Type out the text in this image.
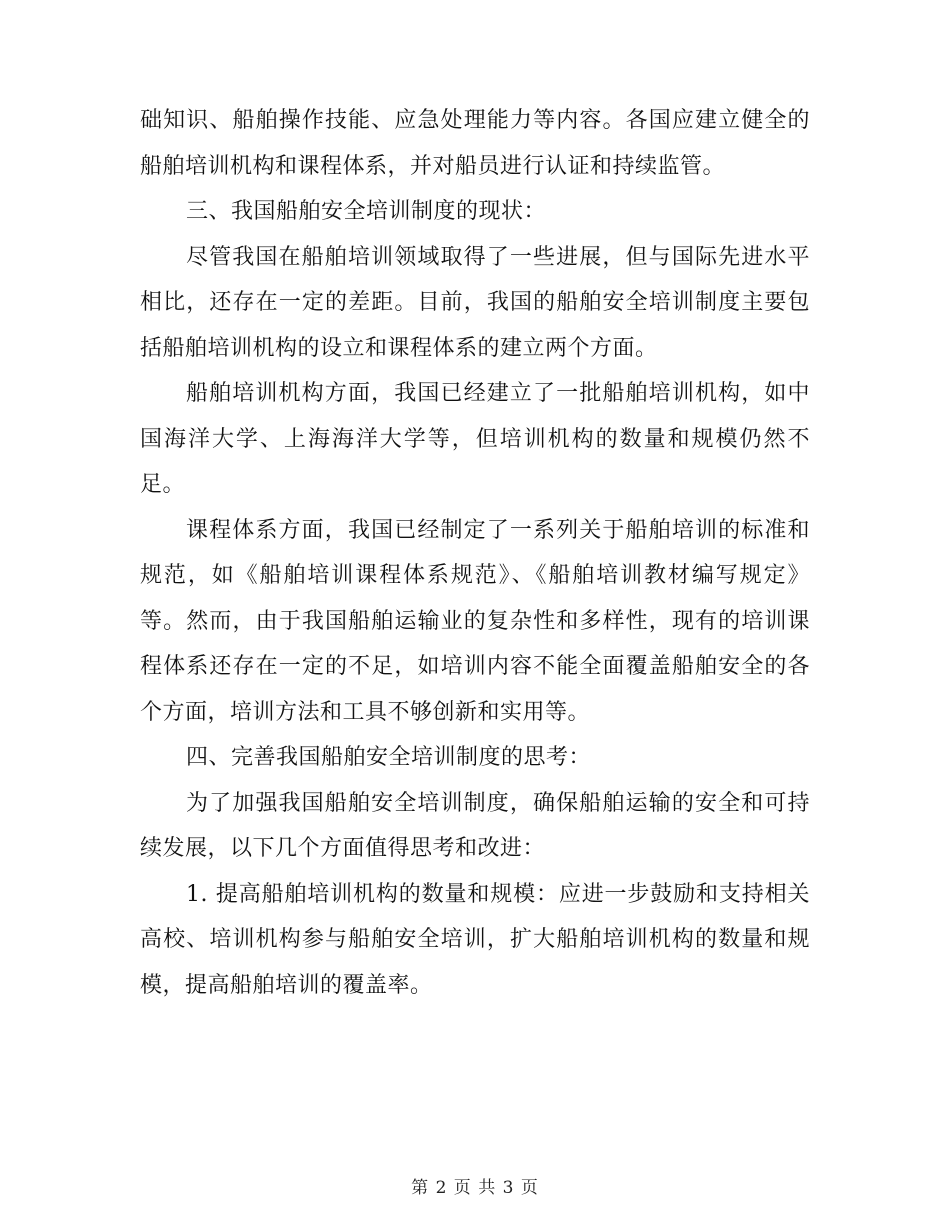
础知识、船舶操作技能、应急处理能力等内容。各国应建立健全的船舶培训机构和课程体系，并对船员进行认证和持续监管。

三、我国船舶安全培训制度的现状：

尽管我国在船舶培训领域取得了一些进展，但与国际先进水平相比，还存在一定的差距。目前，我国的船舶安全培训制度主要包括船舶培训机构的设立和课程体系的建立两个方面。

船舶培训机构方面，我国已经建立了一批船舶培训机构，如中国海洋大学、上海海洋大学等，但培训机构的数量和规模仍然不足。

课程体系方面，我国已经制定了一系列关于船舶培训的标准和规范，如《船舶培训课程体系规范》、《船舶培训教材编写规定》等。然而，由于我国船舶运输业的复杂性和多样性，现有的培训课程体系还存在一定的不足，如培训内容不能全面覆盖船舶安全的各个方面，培训方法和工具不够创新和实用等。

四、完善我国船舶安全培训制度的思考：

为了加强我国船舶安全培训制度，确保船舶运输的安全和可持续发展，以下几个方面值得思考和改进：

1. 提高船舶培训机构的数量和规模：应进一步鼓励和支持相关高校、培训机构参与船舶安全培训，扩大船舶培训机构的数量和规模，提高船舶培训的覆盖率。

第 2 页 共 3 页
